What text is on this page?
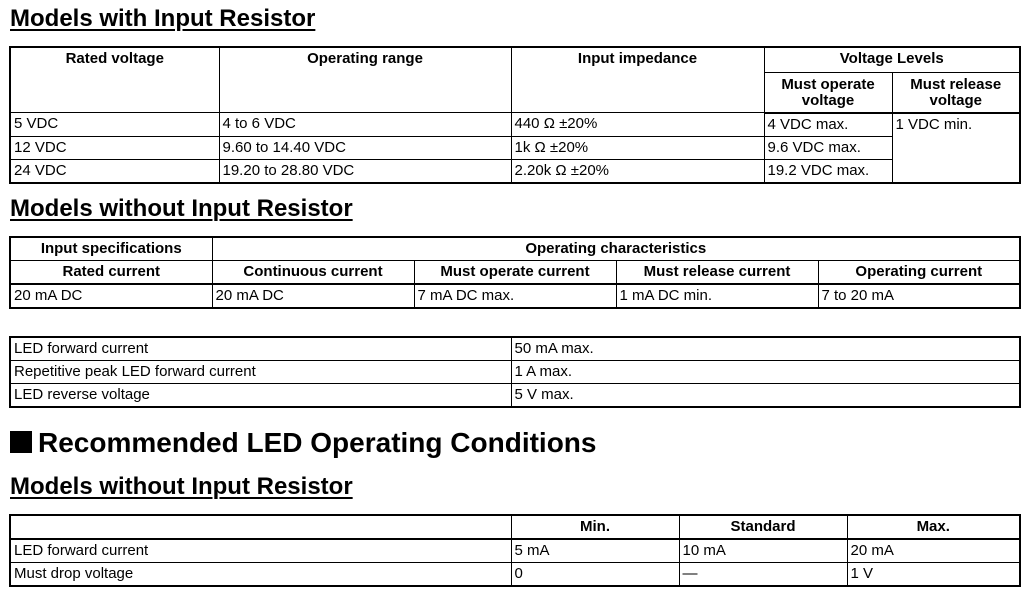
Models with Input Resistor
Rated voltage	Operating range	Input impedance	Voltage Levels	
			Must operate voltage	Must release voltage
5 VDC	4 to 6 VDC	440 Ω ±20%	4 VDC max.	1 VDC min.
12 VDC	9.60 to 14.40 VDC	1k Ω ±20%	9.6 VDC max.	
24 VDC	19.20 to 28.80 VDC	2.20k Ω ±20%	19.2 VDC max.	
Models without Input Resistor
Input specifications	Operating characteristics			
Rated current	Continuous current	Must operate current	Must release current	Operating current
20 mA DC	20 mA DC	7 mA DC max.	1 mA DC min.	7 to 20 mA
LED forward current	50 mA max.
Repetitive peak LED forward current	1 A max.
LED reverse voltage	5 V max.
Recommended LED Operating Conditions
Models without Input Resistor
	Min.	Standard	Max.
LED forward current	5 mA	10 mA	20 mA
Must drop voltage	0	—	1 V
